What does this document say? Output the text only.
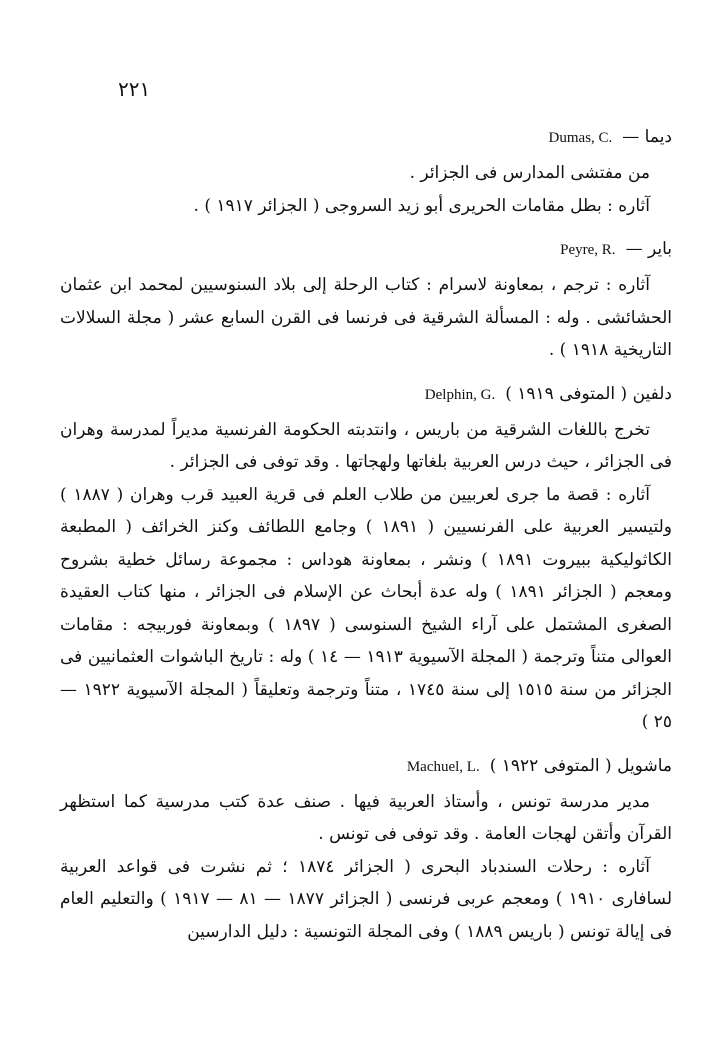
٢٢١
ديما —
Dumas, C.

من مفتشى المدارس فى الجزائر .

آثاره : بطل مقامات الحريرى أبو زيد السروجى ( الجزائر ١٩١٧ ) .

باير —
Peyre, R.

آثاره : ترجم ، بمعاونة لاسرام : كتاب الرحلة إلى بلاد السنوسيين لمحمد ابن عثمان الحشائشى . وله : المسألة الشرقية فى فرنسا فى القرن السابع عشر ( مجلة السلالات التاريخية ١٩١٨ ) .

دلفين ( المتوفى ١٩١٩ )
Delphin, G.

تخرج باللغات الشرقية من باريس ، وانتدبته الحكومة الفرنسية مديراً لمدرسة وهران فى الجزائر ، حيث درس العربية بلغاتها ولهجاتها . وقد توفى فى الجزائر .

آثاره : قصة ما جرى لعربيين من طلاب العلم فى قرية العبيد قرب وهران ( ١٨٨٧ ) ولتيسير العربية على الفرنسيين ( ١٨٩١ ) وجامع اللطائف وكنز الخرائف ( المطبعة الكاثوليكية ببيروت ١٨٩١ ) ونشر ، بمعاونة هوداس : مجموعة رسائل خطية بشروح ومعجم ( الجزائر ١٨٩١ ) وله عدة أبحاث عن الإسلام فى الجزائر ، منها كتاب العقيدة الصغرى المشتمل على آراء الشيخ السنوسى ( ١٨٩٧ ) وبمعاونة فوربيجه : مقامات العوالى متناً وترجمة ( المجلة الآسيوية ١٩١٣ — ١٤ ) وله : تاريخ الباشوات العثمانيين فى الجزائر من سنة ١٥١٥ إلى سنة ١٧٤٥ ، متناً وترجمة وتعليقاً ( المجلة الآسيوية ١٩٢٢ — ٢٥ )

ماشويل ( المتوفى ١٩٢٢ )
Machuel, L.

مدير مدرسة تونس ، وأستاذ العربية فيها . صنف عدة كتب مدرسية كما استظهر القرآن وأتقن لهجات العامة . وقد توفى فى تونس .

آثاره : رحلات السندباد البحرى ( الجزائر ١٨٧٤ ؛ ثم نشرت فى قواعد العربية لسافارى ١٩١٠ ) ومعجم عربى فرنسى ( الجزائر ١٨٧٧ — ٨١ — ١٩١٧ ) والتعليم العام فى إيالة تونس ( باريس ١٨٨٩ ) وفى المجلة التونسية : دليل الدارسين
